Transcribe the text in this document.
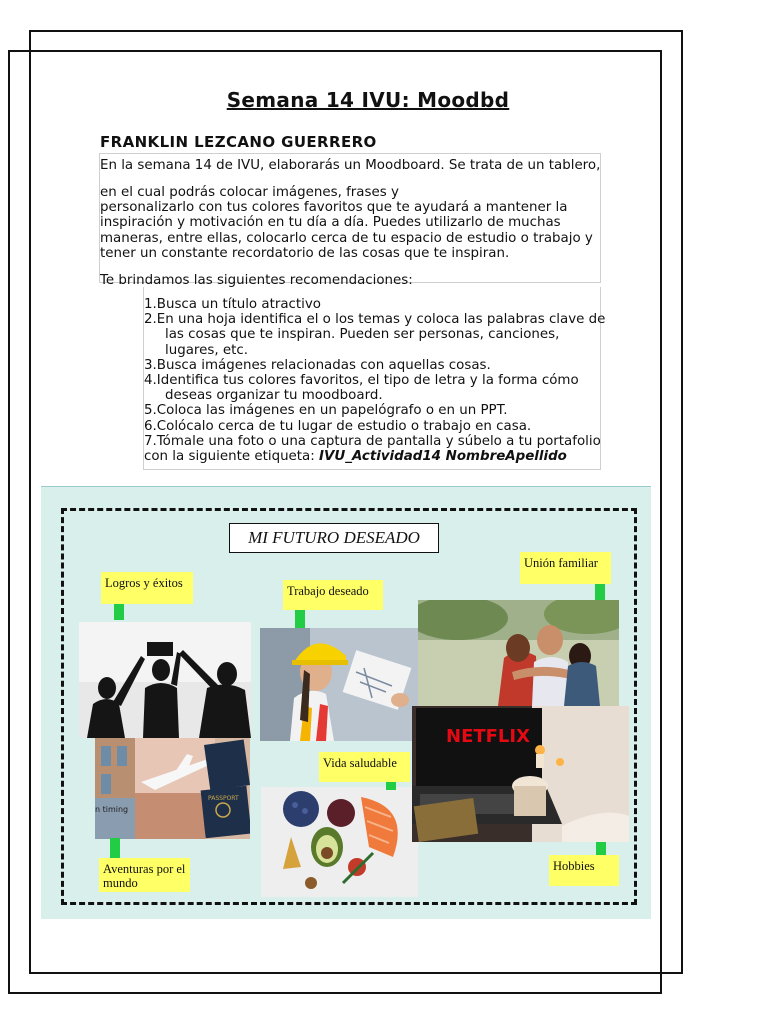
Semana 14 IVU: Moodbd
FRANKLIN LEZCANO GUERRERO
En la semana 14 de IVU, elaborarás un Moodboard. Se trata de un tablero,
en el cual podrás colocar imágenes, frases y
personalizarlo con tus colores favoritos que te ayudará a mantener la
inspiración y motivación en tu día a día. Puedes utilizarlo de muchas
maneras, entre ellas, colocarlo cerca de tu espacio de estudio o trabajo y
tener un constante recordatorio de las cosas que te inspiran.
Te brindamos las siguientes recomendaciones:
1.Busca un título atractivo
2.En una hoja identifica el o los temas y coloca las palabras clave de
las cosas que te inspiran. Pueden ser personas, canciones,
lugares, etc.
3.Busca imágenes relacionadas con aquellas cosas.
4.Identifica tus colores favoritos, el tipo de letra y la forma cómo
deseas organizar tu moodboard.
5.Coloca las imágenes en un papelógrafo o en un PPT.
6.Colócalo cerca de tu lugar de estudio o trabajo en casa.
7.Tómale una foto o una captura de pantalla y súbelo a tu portafolio
con la siguiente etiqueta: IVU_Actividad14 NombreApellido
MI FUTURO DESEADO
n timing
PASSPORT
NETFLIX
Logros y éxitos
Trabajo deseado
Unión familiar
Vida saludable
Aventuras por el mundo
Hobbies
